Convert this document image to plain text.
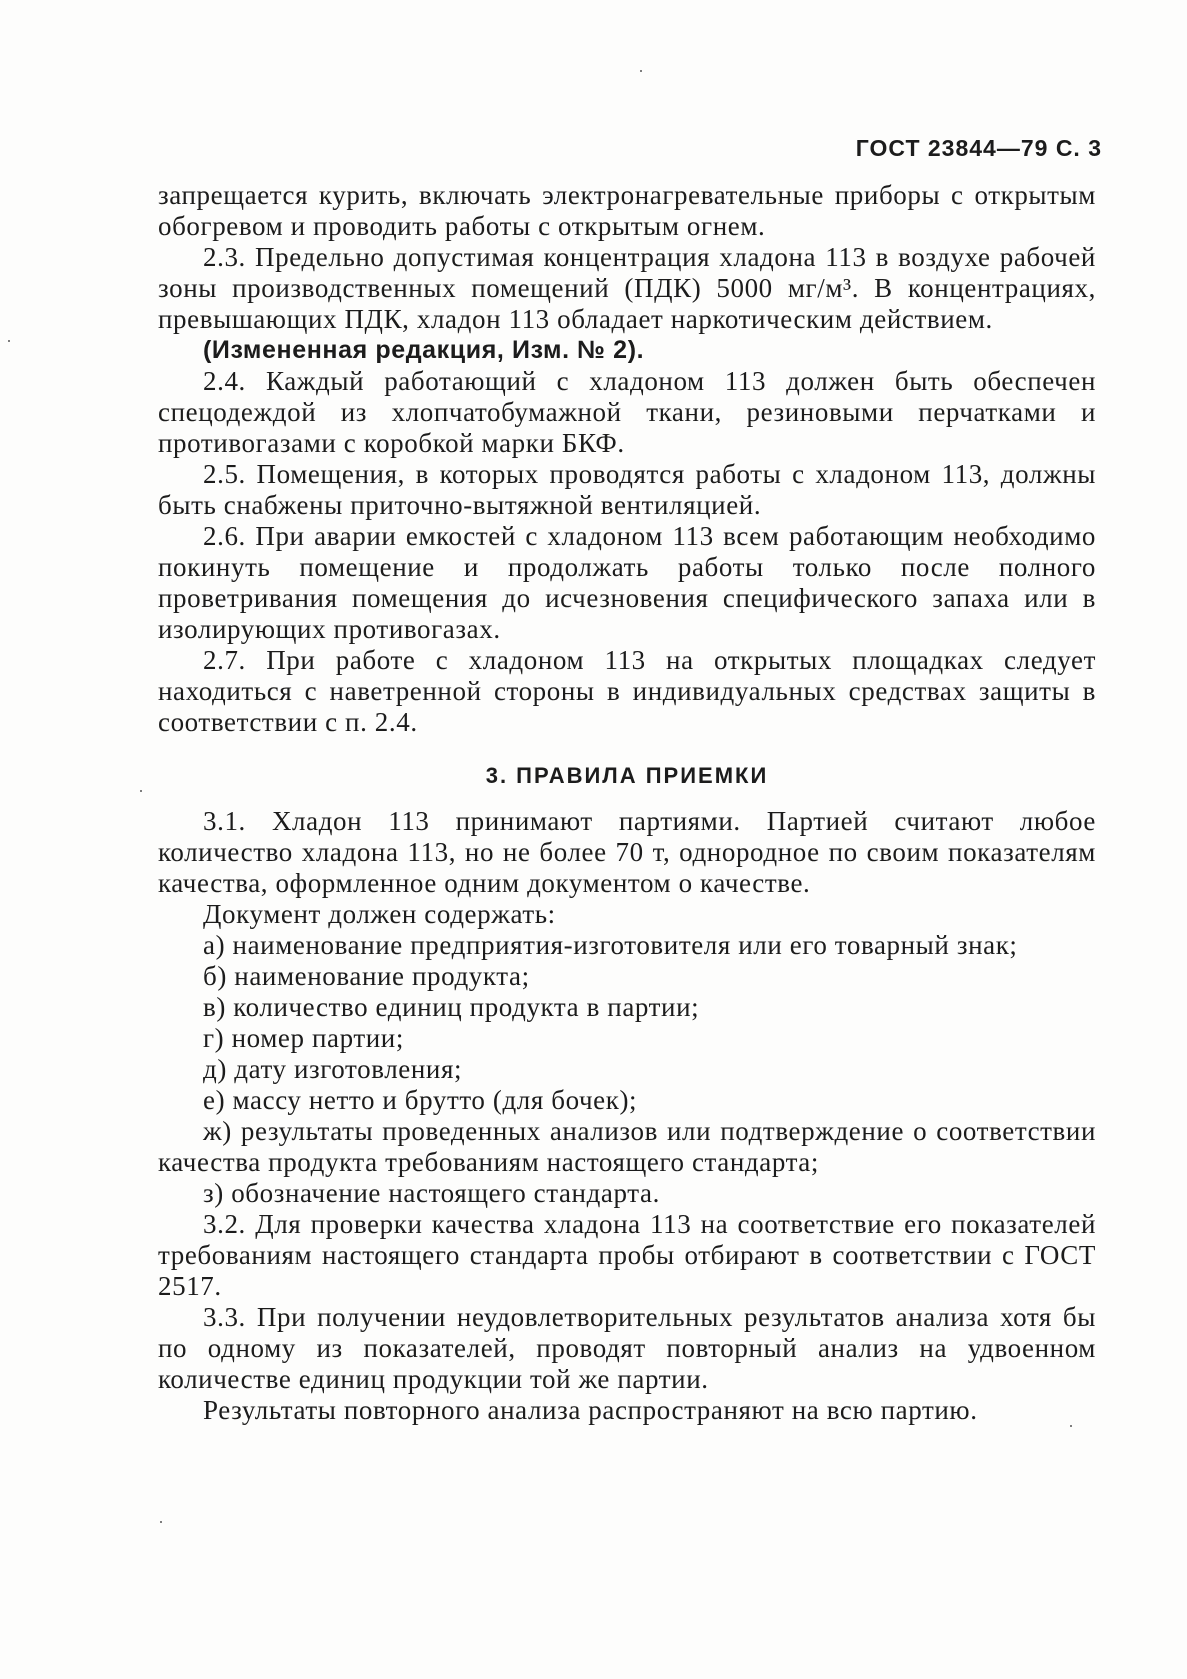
ГОСТ 23844—79 С. 3

запрещается курить, включать электронагревательные приборы с открытым обогревом и проводить работы с открытым огнем.

2.3. Предельно допустимая концентрация хладона 113 в воздухе рабочей зоны производственных помещений (ПДК) 5000 мг/м³. В концентрациях, превышающих ПДК, хладон 113 обладает наркотическим действием.

(Измененная редакция, Изм. № 2).

2.4. Каждый работающий с хладоном 113 должен быть обеспечен спецодеждой из хлопчатобумажной ткани, резиновыми перчатками и противогазами с коробкой марки БКФ.

2.5. Помещения, в которых проводятся работы с хладоном 113, должны быть снабжены приточно-вытяжной вентиляцией.

2.6. При аварии емкостей с хладоном 113 всем работающим необходимо покинуть помещение и продолжать работы только после полного проветривания помещения до исчезновения специфического запаха или в изолирующих противогазах.

2.7. При работе с хладоном 113 на открытых площадках следует находиться с наветренной стороны в индивидуальных средствах защиты в соответствии с п. 2.4.

3. ПРАВИЛА ПРИЕМКИ

3.1. Хладон 113 принимают партиями. Партией считают любое количество хладона 113, но не более 70 т, однородное по своим показателям качества, оформленное одним документом о качестве.

Документ должен содержать:

а) наименование предприятия-изготовителя или его товарный знак;

б) наименование продукта;

в) количество единиц продукта в партии;

г) номер партии;

д) дату изготовления;

е) массу нетто и брутто (для бочек);

ж) результаты проведенных анализов или подтверждение о соответствии качества продукта требованиям настоящего стандарта;

з) обозначение настоящего стандарта.

3.2. Для проверки качества хладона 113 на соответствие его показателей требованиям настоящего стандарта пробы отбирают в соответствии с ГОСТ 2517.

3.3. При получении неудовлетворительных результатов анализа хотя бы по одному из показателей, проводят повторный анализ на удвоенном количестве единиц продукции той же партии.

Результаты повторного анализа распространяют на всю партию.
